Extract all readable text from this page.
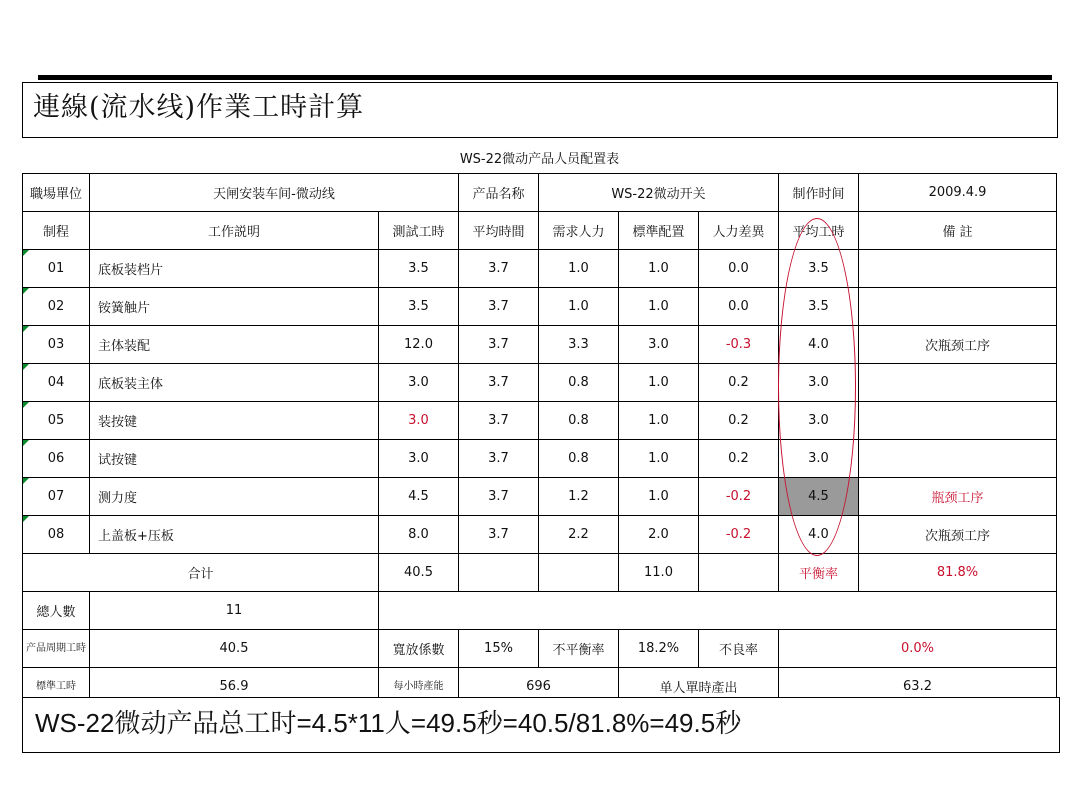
連線(流水线)作業工時計算
WS-22微动产品人员配置表								
職場單位	天闸安装车间-微动线		产品名称	WS-22微动开关			制作时间	2009.4.9
制程	工作説明	測試工時	平均時間	需求人力	標準配置	人力差異	平均工時	備 註

01	底板装档片	3.5	3.7	1.0	1.0	0.0	3.5	

02	铵簧触片	3.5	3.7	1.0	1.0	0.0	3.5	

03	主体装配	12.0	3.7	3.3	3.0	-0.3	4.0	次瓶颈工序

04	底板装主体	3.0	3.7	0.8	1.0	0.2	3.0	

05	装按键	3.0	3.7	0.8	1.0	0.2	3.0	

06	试按键	3.0	3.7	0.8	1.0	0.2	3.0	

07	测力度	4.5	3.7	1.2	1.0	-0.2	4.5	瓶颈工序

08	上盖板+压板	8.0	3.7	2.2	2.0	-0.2	4.0	次瓶颈工序
合计		40.5			11.0		平衡率	81.8%
總人數	11							
产品周期工時	40.5	寬放係數	15%	不平衡率	18.2%	不良率	0.0%	
標準工時	56.9	每小時產能	696		单人單時產出		63.2	
WS-22微动产品总工时=4.5*11人=49.5秒=40.5/81.8%=49.5秒
